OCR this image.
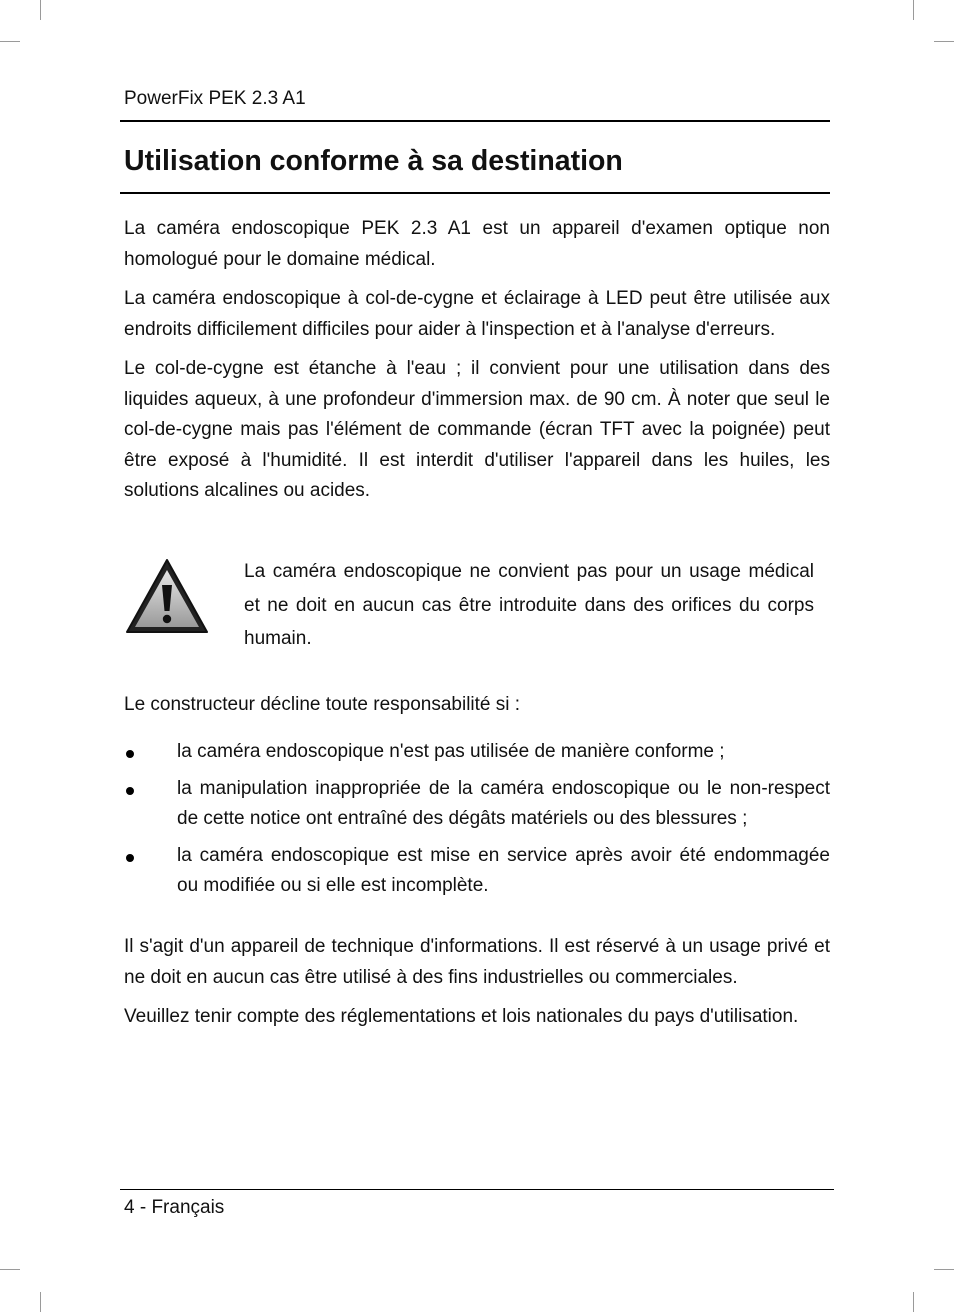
PowerFix PEK 2.3 A1
Utilisation conforme à sa destination

La caméra endoscopique PEK 2.3 A1 est un appareil d'examen optique non homologué pour le domaine médical.

La caméra endoscopique à col-de-cygne et éclairage à LED peut être utilisée aux endroits difficilement difficiles pour aider à l'inspection et à l'analyse d'erreurs.

Le col-de-cygne est étanche à l'eau ; il convient pour une utilisation dans des liquides aqueux, à une profondeur d'immersion max. de 90 cm. À noter que seul le col-de-cygne mais pas l'élément de commande (écran TFT avec la poignée) peut être exposé à l'humidité. Il est interdit d'utiliser l'appareil dans les huiles, les solutions alcalines ou acides.

La caméra endoscopique ne convient pas pour un usage médical et ne doit en aucun cas être introduite dans des orifices du corps humain.

Le constructeur décline toute responsabilité si :

la caméra endoscopique n'est pas utilisée de manière conforme ;
la manipulation inappropriée de la caméra endoscopique ou le non-respect de cette notice ont entraîné des dégâts matériels ou des blessures ;
la caméra endoscopique est mise en service après avoir été endommagée ou modifiée ou si elle est incomplète.

Il s'agit d'un appareil de technique d'informations. Il est réservé à un usage privé et ne doit en aucun cas être utilisé à des fins industrielles ou commerciales.

Veuillez tenir compte des réglementations et lois nationales du pays d'utilisation.

4 - Français
